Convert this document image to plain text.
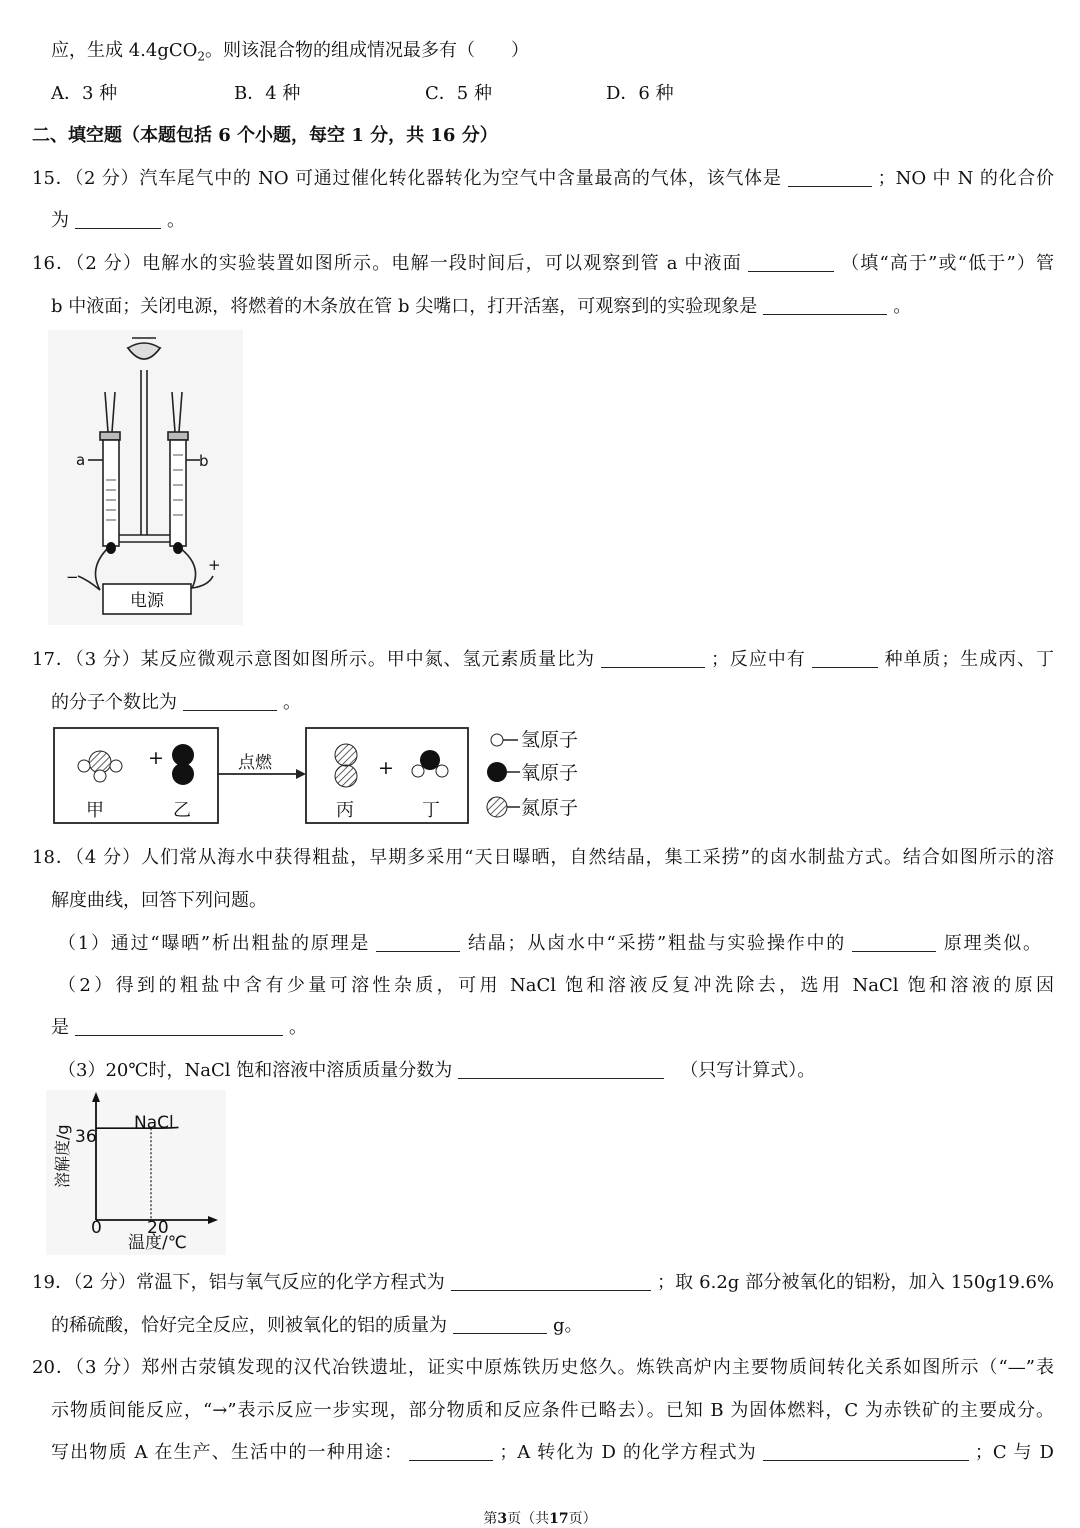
应，生成 4.4gCO$_2$。则该混合物的组成情况最多有（　　）
A．3 种	B．4 种	C．5 种	D．6 种
二、填空题（本题包括 6 个小题，每空 1 分，共 16 分）
15．（2 分）汽车尾气中的 NO 可通过催化转化器转化为空气中含量最高的气体，该气体是	；NO 中 N 的化合价
为	。
16．（2 分）电解水的实验装置如图所示。电解一段时间后，可以观察到管 a 中液面	（填“高于”或“低于”）管
b 中液面；关闭电源，将燃着的木条放在管 b 尖嘴口，打开活塞，可观察到的实验现象是	。
a	b
−
+
电源
17．（3 分）某反应微观示意图如图所示。甲中氮、氢元素质量比为	；反应中有	种单质；生成丙、丁
的分子个数比为	。
+	+
甲	乙	丙	丁
点燃
氢原子
氧原子
氮原子
18．（4 分）人们常从海水中获得粗盐，早期多采用“天日曝晒，自然结晶，集工采捞”的卤水制盐方式。结合如图所示的溶
解度曲线，回答下列问题。
（1）通过“曝晒”析出粗盐的原理是	结晶；从卤水中“采捞”粗盐与实验操作中的	原理类似。
（2）得到的粗盐中含有少量可溶性杂质，可用 NaCl 饱和溶液反复冲洗除去，选用 NaCl 饱和溶液的原因
是	。
（3）20℃时，NaCl 饱和溶液中溶质质量分数为	（只写计算式）。
36
0	20
NaCl
温度/℃
溶解度/g
19．（2 分）常温下，铝与氧气反应的化学方程式为	；取 6.2g 部分被氧化的铝粉，加入 150g19.6%
的稀硫酸，恰好完全反应，则被氧化的铝的质量为	g。
20．（3 分）郑州古荥镇发现的汉代冶铁遗址，证实中原炼铁历史悠久。炼铁高炉内主要物质间转化关系如图所示（“—”表
示物质间能反应，“→”表示反应一步实现，部分物质和反应条件已略去）。已知 B 为固体燃料，C 为赤铁矿的主要成分。
写出物质 A 在生产、生活中的一种用途：	；A 转化为 D 的化学方程式为	；C 与 D
第3页（共17页）
